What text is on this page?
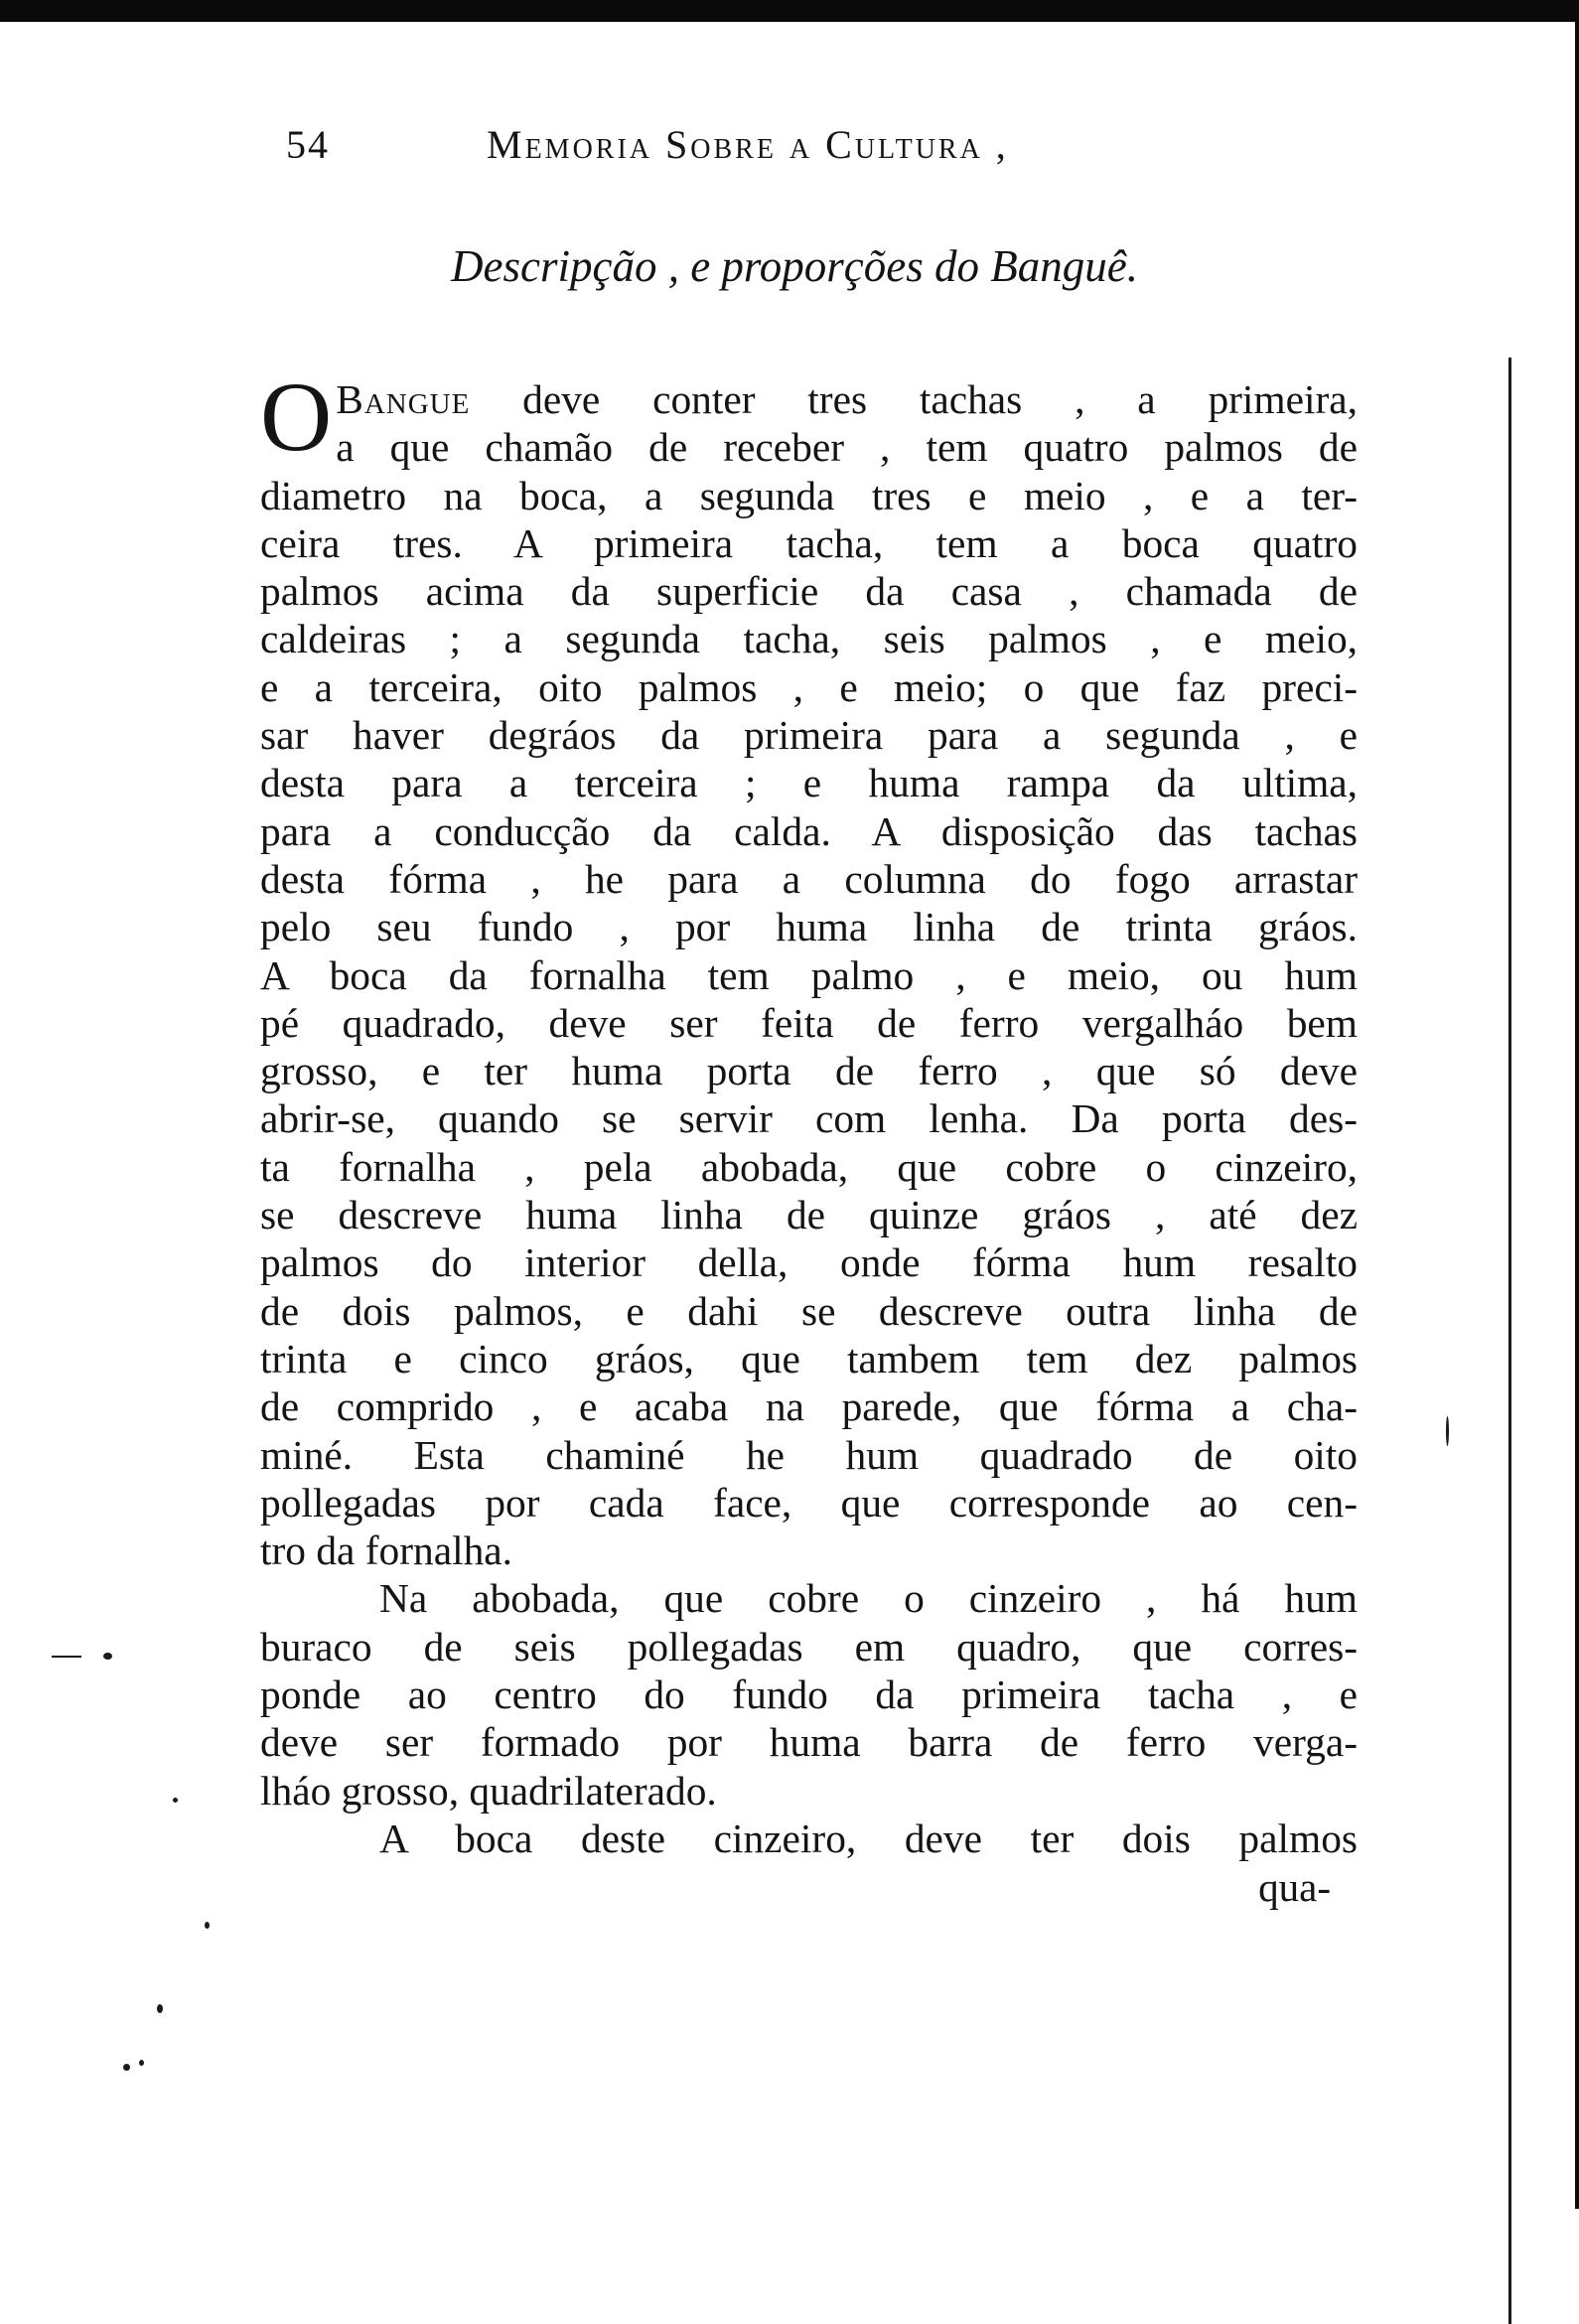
54	Memoria Sobre a Cultura ,
Descripção , e proporções do Banguê.
O Bangue deve conter tres tachas , a primeira,
a que chamão de receber , tem quatro palmos de
diametro na boca, a segunda tres e meio , e a ter-
ceira tres. A primeira tacha, tem a boca quatro
palmos acima da superficie da casa , chamada de
caldeiras ; a segunda tacha, seis palmos , e meio,
e a terceira, oito palmos , e meio; o que faz preci-
sar haver degráos da primeira para a segunda , e
desta para a terceira ; e huma rampa da ultima,
para a conducção da calda. A disposição das tachas
desta fórma , he para a columna do fogo arrastar
pelo seu fundo , por huma linha de trinta gráos.
A boca da fornalha tem palmo , e meio, ou hum
pé quadrado, deve ser feita de ferro vergalháo bem
grosso, e ter huma porta de ferro , que só deve
abrir-se, quando se servir com lenha. Da porta des-
ta fornalha , pela abobada, que cobre o cinzeiro,
se descreve huma linha de quinze gráos , até dez
palmos do interior della, onde fórma hum resalto
de dois palmos, e dahi se descreve outra linha de
trinta e cinco gráos, que tambem tem dez palmos
de comprido , e acaba na parede, que fórma a cha-
miné. Esta chaminé he hum quadrado de oito
pollegadas por cada face, que corresponde ao cen-
tro da fornalha.
Na abobada, que cobre o cinzeiro , há hum
buraco de seis pollegadas em quadro, que corres-
ponde ao centro do fundo da primeira tacha , e
deve ser formado por huma barra de ferro verga-
lháo grosso, quadrilaterado.
A boca deste cinzeiro, deve ter dois palmos
qua-
